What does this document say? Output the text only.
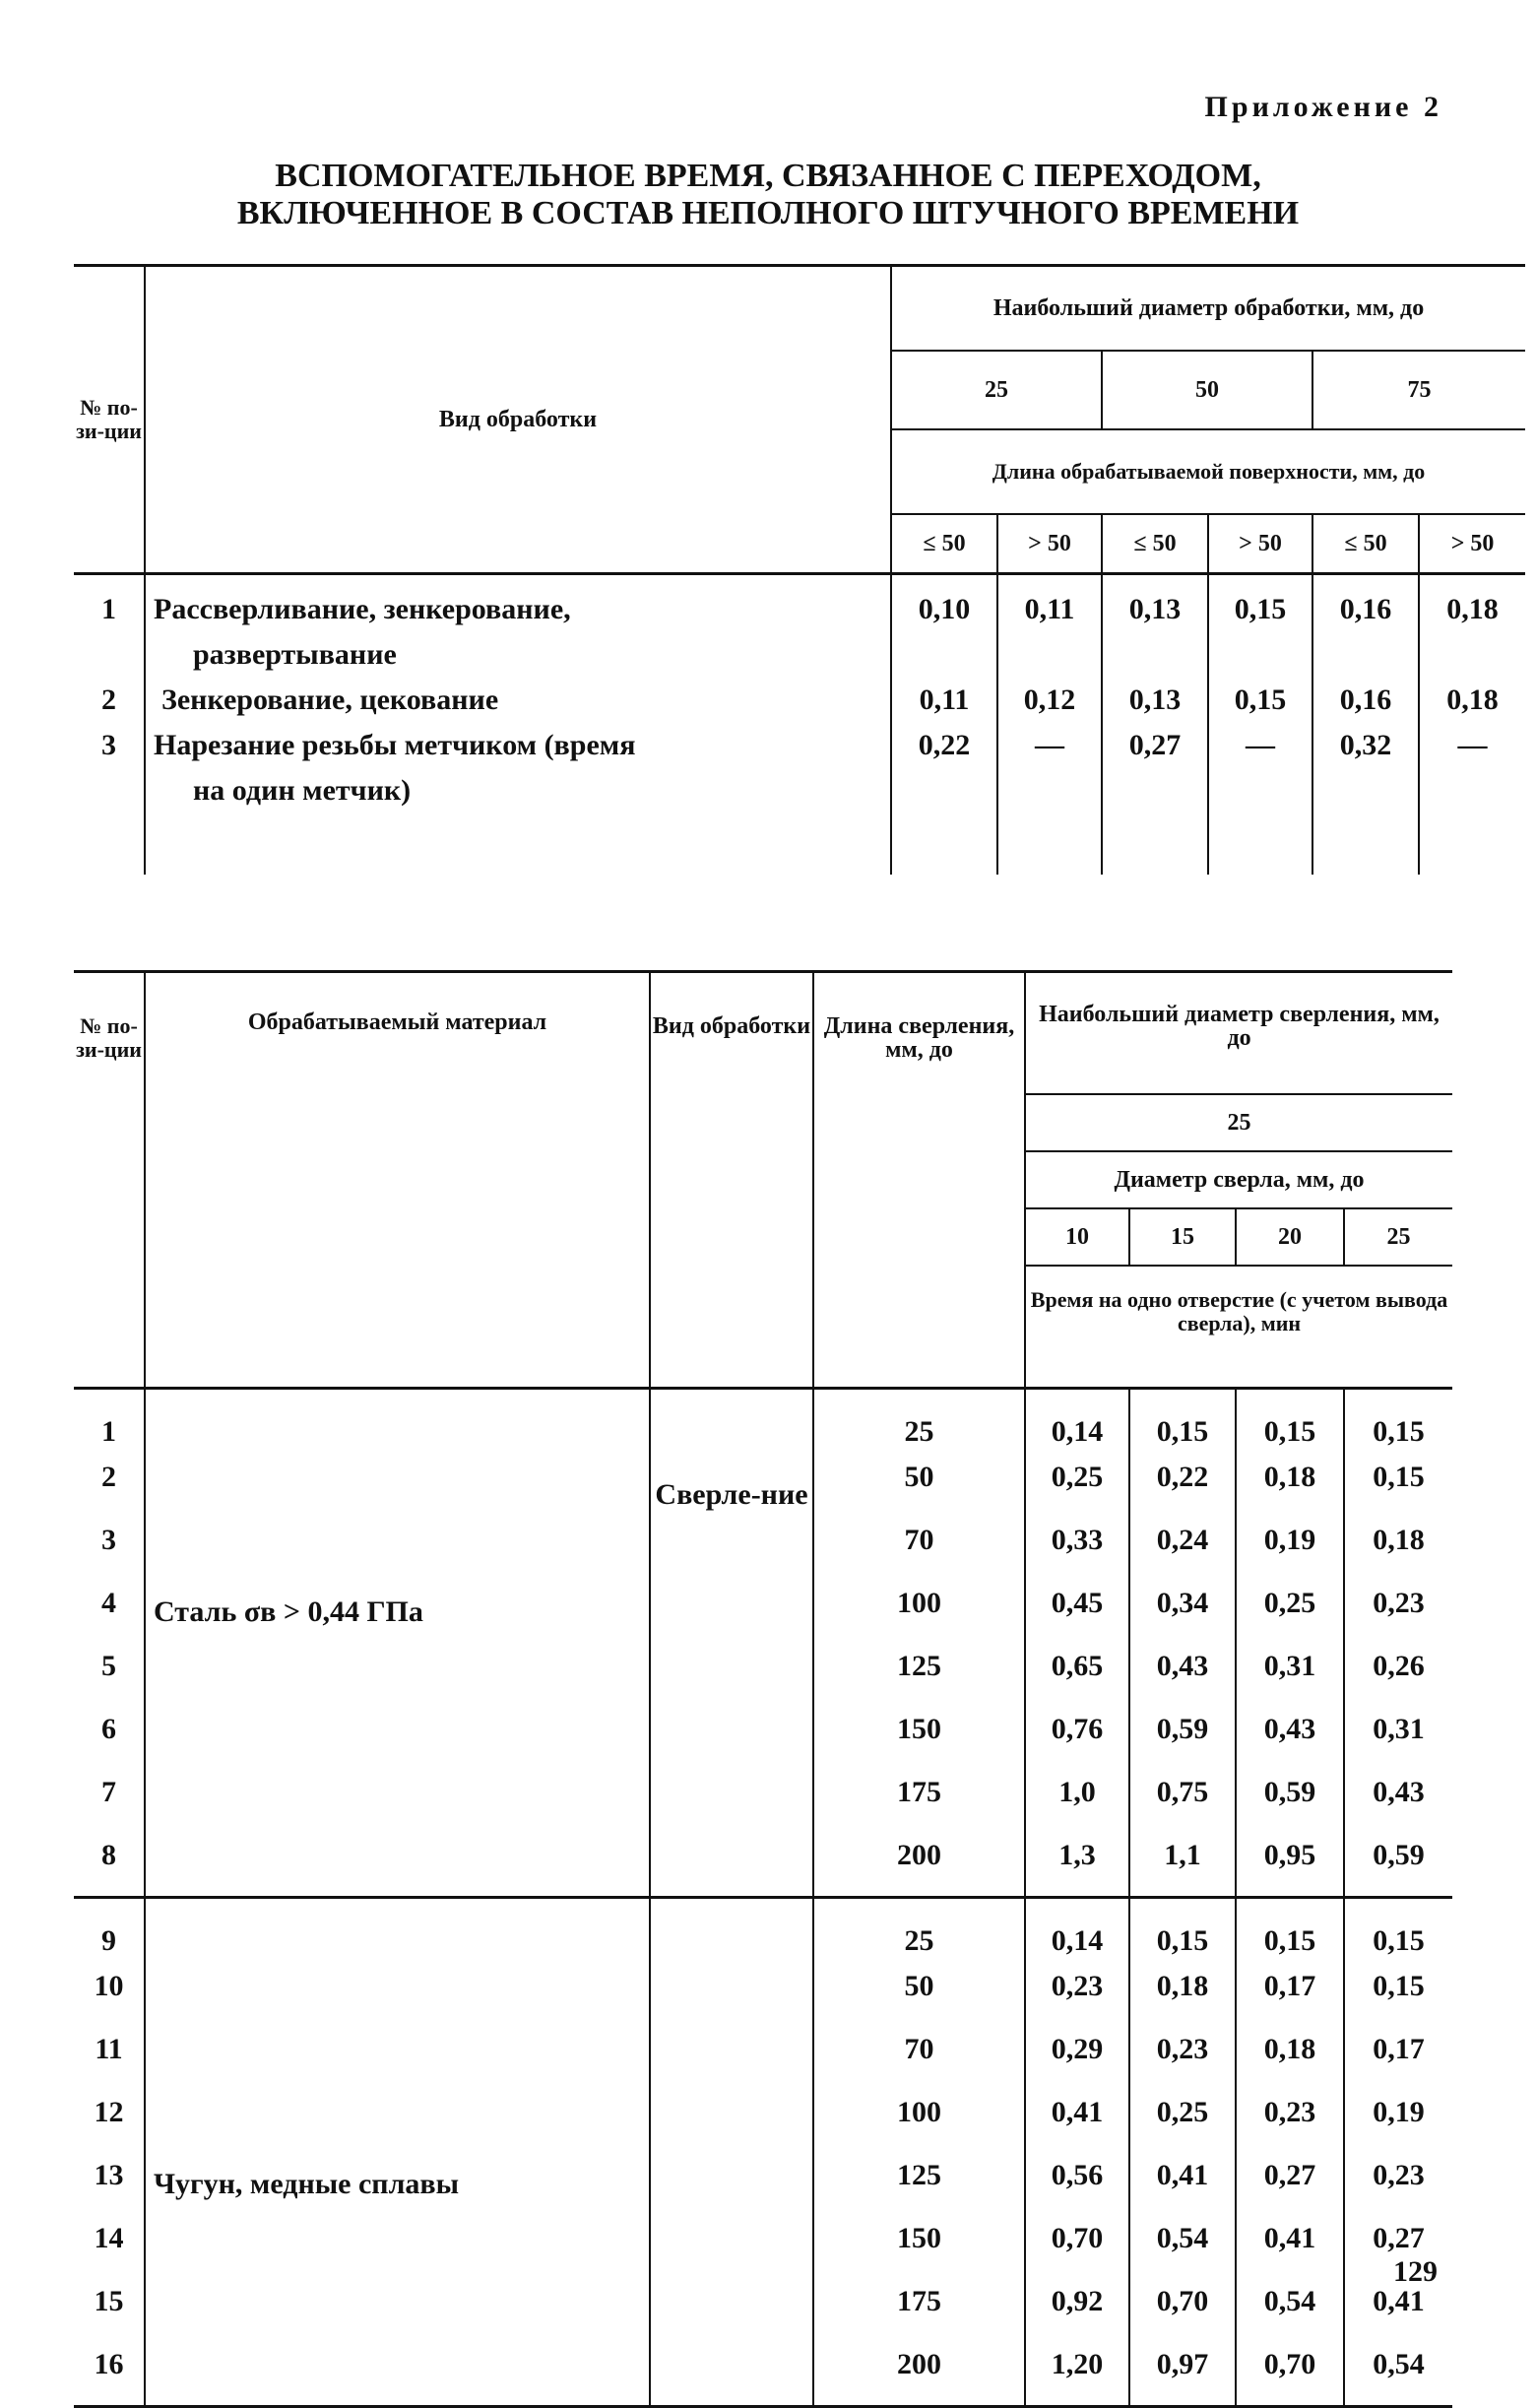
Приложение 2
ВСПОМОГАТЕЛЬНОЕ ВРЕМЯ, СВЯЗАННОЕ С ПЕРЕХОДОМ,
ВКЛЮЧЕННОЕ В СОСТАВ НЕПОЛНОГО ШТУЧНОГО ВРЕМЕНИ
№ по-зи-ции	Вид обработки	Наибольший диаметр обработки, мм, до					
		25		50		75	
		Длина обрабатываемой поверхности, мм, до					
		≤ 50	> 50	≤ 50	> 50	≤ 50	> 50
1	Рассверливание, зенкерование,	0,10	0,11	0,13	0,15	0,16	0,18
	развертывание						
2	Зенкерование, цекование	0,11	0,12	0,13	0,15	0,16	0,18
3	Нарезание резьбы метчиком (время	0,22	—	0,27	—	0,32	—
	на один метчик)						

№ по-зи-ции	Обрабатываемый материал	Вид обработки	Длина сверления, мм, до	Наибольший диаметр сверления, мм, до			
				25			
				Диаметр сверла, мм, до			
				10	15	20	25
				Время на одно отверстие (с учетом вывода сверла), мин			

1			25	0,14	0,15	0,15	0,15
2		Сверле-ние	50	0,25	0,22	0,18	0,15
3			70	0,33	0,24	0,19	0,18
4	Сталь σв > 0,44 ГПа		100	0,45	0,34	0,25	0,23
5			125	0,65	0,43	0,31	0,26
6			150	0,76	0,59	0,43	0,31
7			175	1,0	0,75	0,59	0,43
8			200	1,3	1,1	0,95	0,59
9			25	0,14	0,15	0,15	0,15
10			50	0,23	0,18	0,17	0,15
11			70	0,29	0,23	0,18	0,17
12			100	0,41	0,25	0,23	0,19
13	Чугун, медные сплавы		125	0,56	0,41	0,27	0,23
14			150	0,70	0,54	0,41	0,27
15			175	0,92	0,70	0,54	0,41
16			200	1,20	0,97	0,70	0,54
129
